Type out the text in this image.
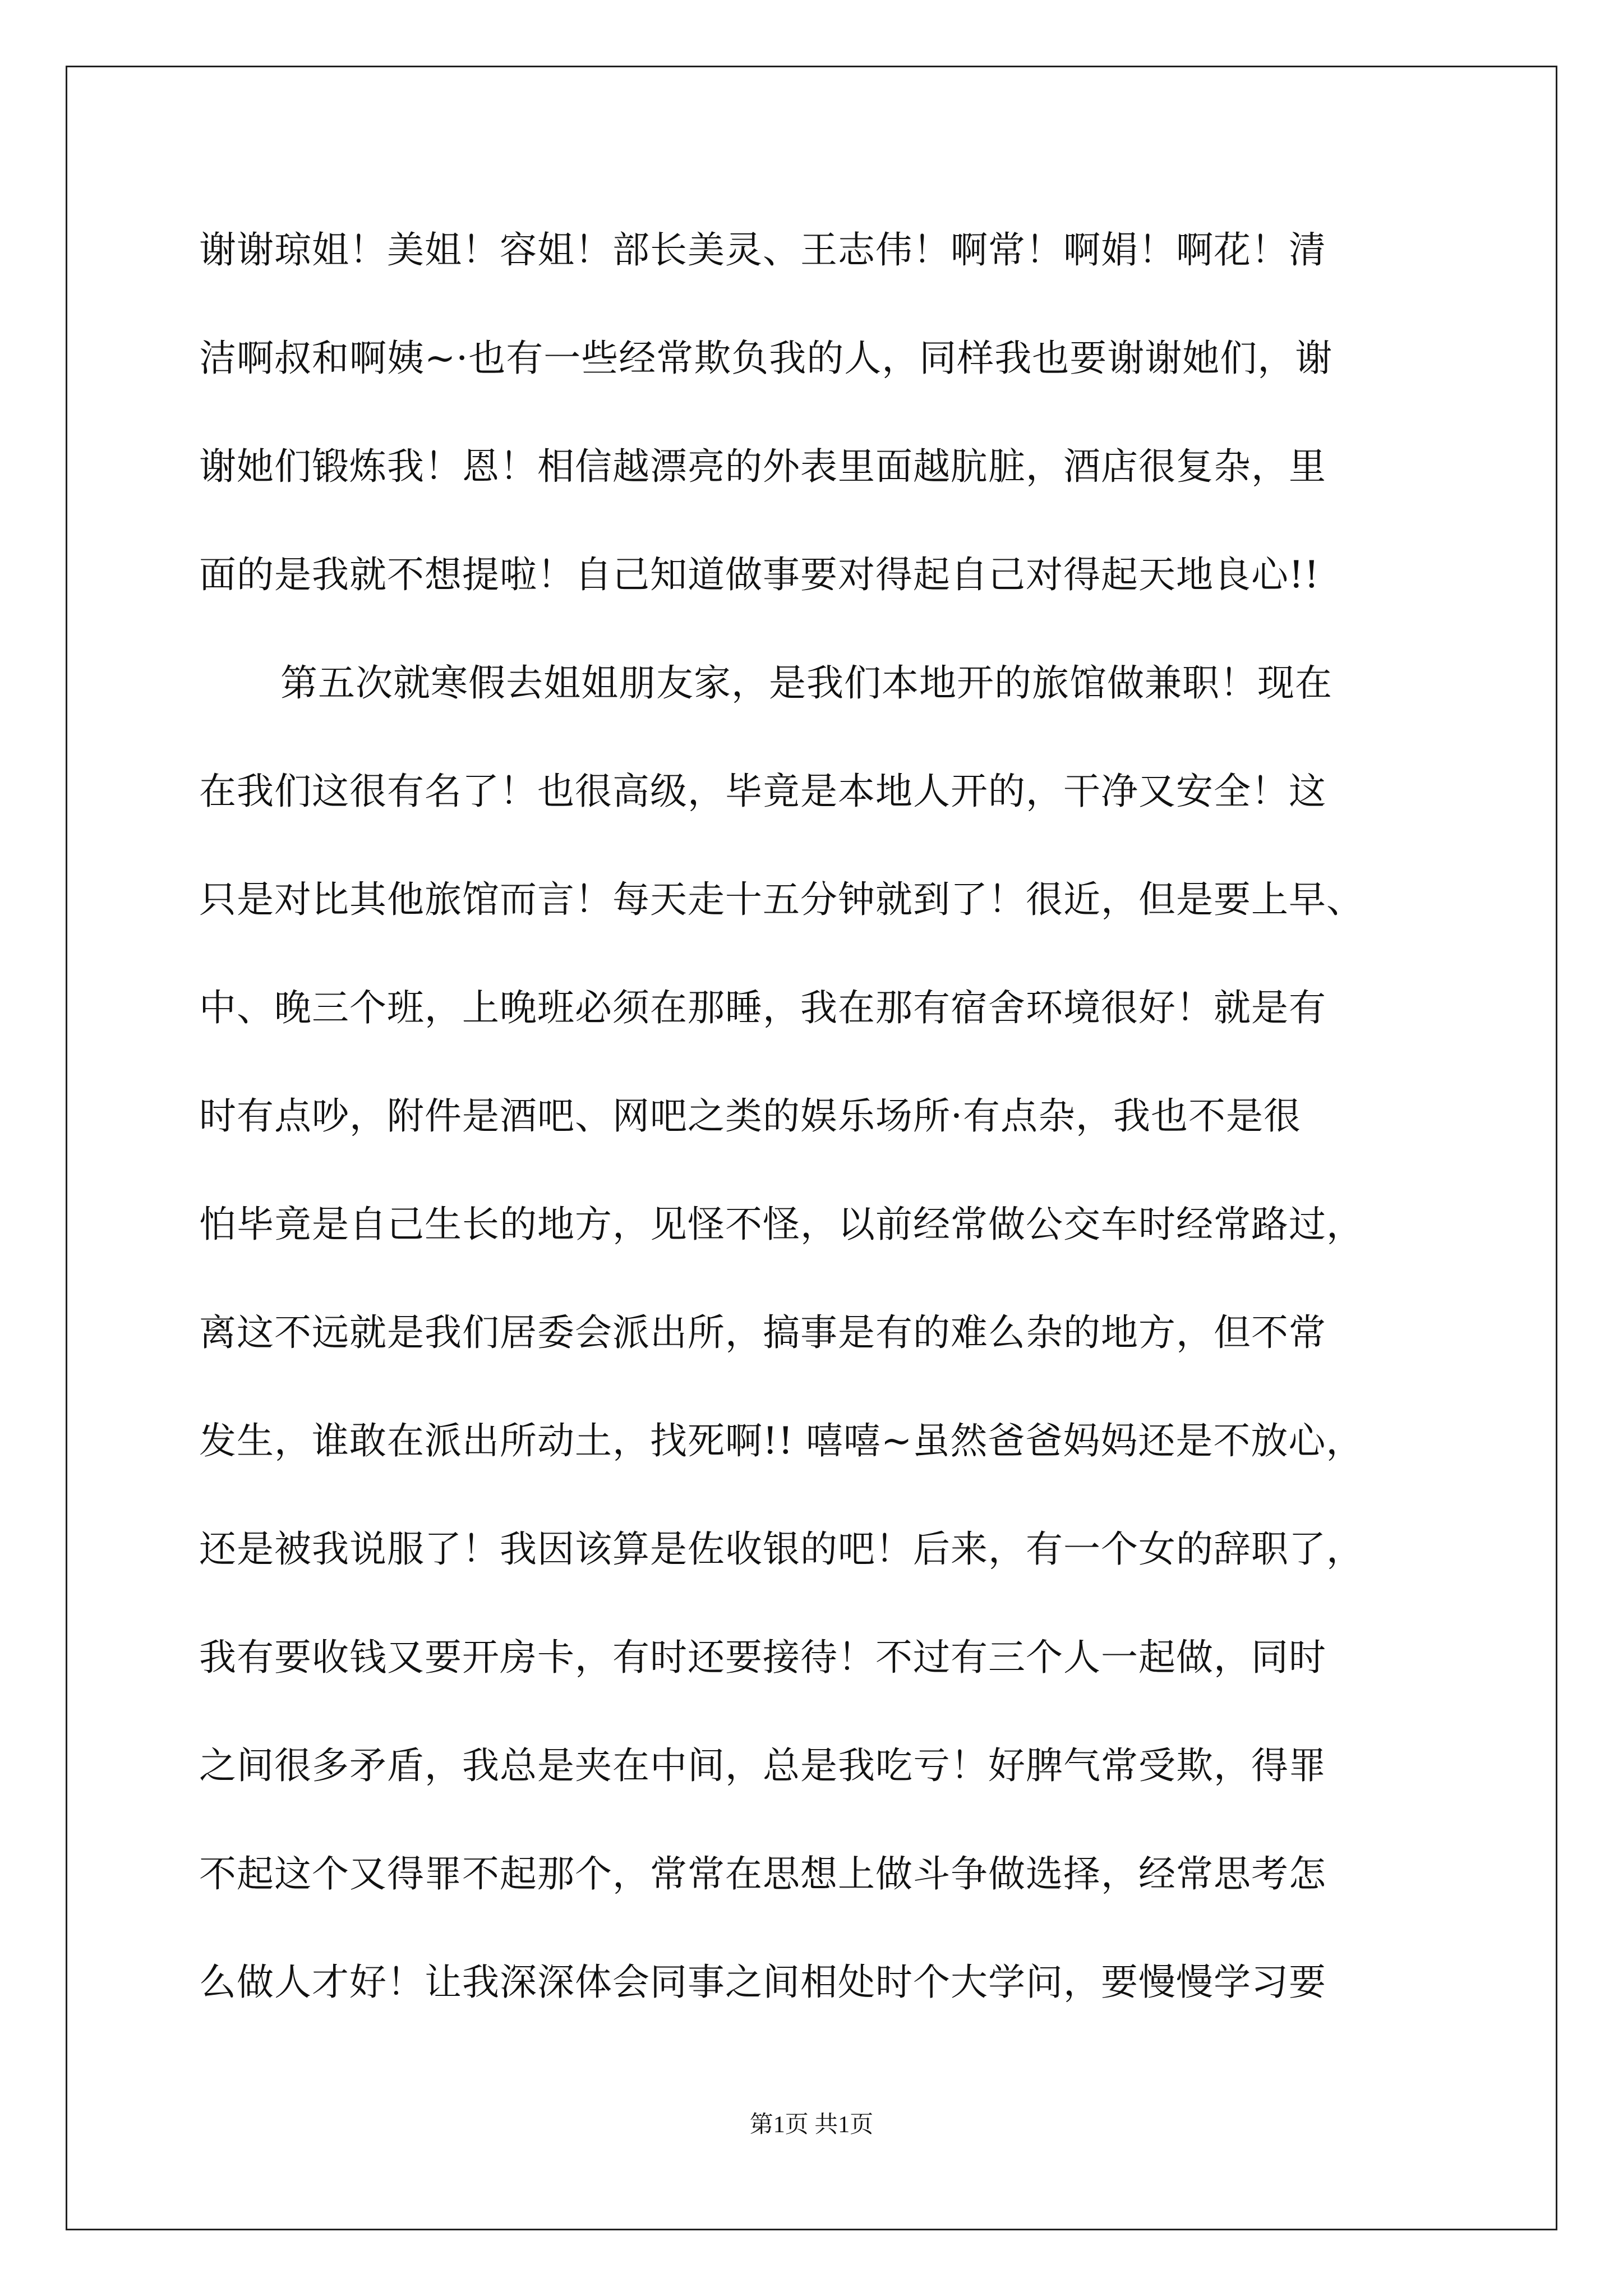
谢谢琼姐！美姐！容姐！部长美灵、王志伟！啊常！啊娟！啊花！清
洁啊叔和啊姨~·也有一些经常欺负我的人，同样我也要谢谢她们，谢
谢她们锻炼我！恩！相信越漂亮的外表里面越肮脏，酒店很复杂，里
面的是我就不想提啦！自己知道做事要对得起自己对得起天地良心!!
第五次就寒假去姐姐朋友家，是我们本地开的旅馆做兼职！现在
在我们这很有名了！也很高级，毕竟是本地人开的，干净又安全！这
只是对比其他旅馆而言！每天走十五分钟就到了！很近，但是要上早、
中、晚三个班，上晚班必须在那睡，我在那有宿舍环境很好！就是有
时有点吵，附件是酒吧、网吧之类的娱乐场所·有点杂，我也不是很
怕毕竟是自己生长的地方，见怪不怪，以前经常做公交车时经常路过，
离这不远就是我们居委会派出所，搞事是有的难么杂的地方，但不常
发生，谁敢在派出所动土，找死啊!! 嘻嘻~虽然爸爸妈妈还是不放心，
还是被我说服了！我因该算是佐收银的吧！后来，有一个女的辞职了，
我有要收钱又要开房卡，有时还要接待！不过有三个人一起做，同时
之间很多矛盾，我总是夹在中间，总是我吃亏！好脾气常受欺，得罪
不起这个又得罪不起那个，常常在思想上做斗争做选择，经常思考怎
么做人才好！让我深深体会同事之间相处时个大学问，要慢慢学习要
第1页 共1页
